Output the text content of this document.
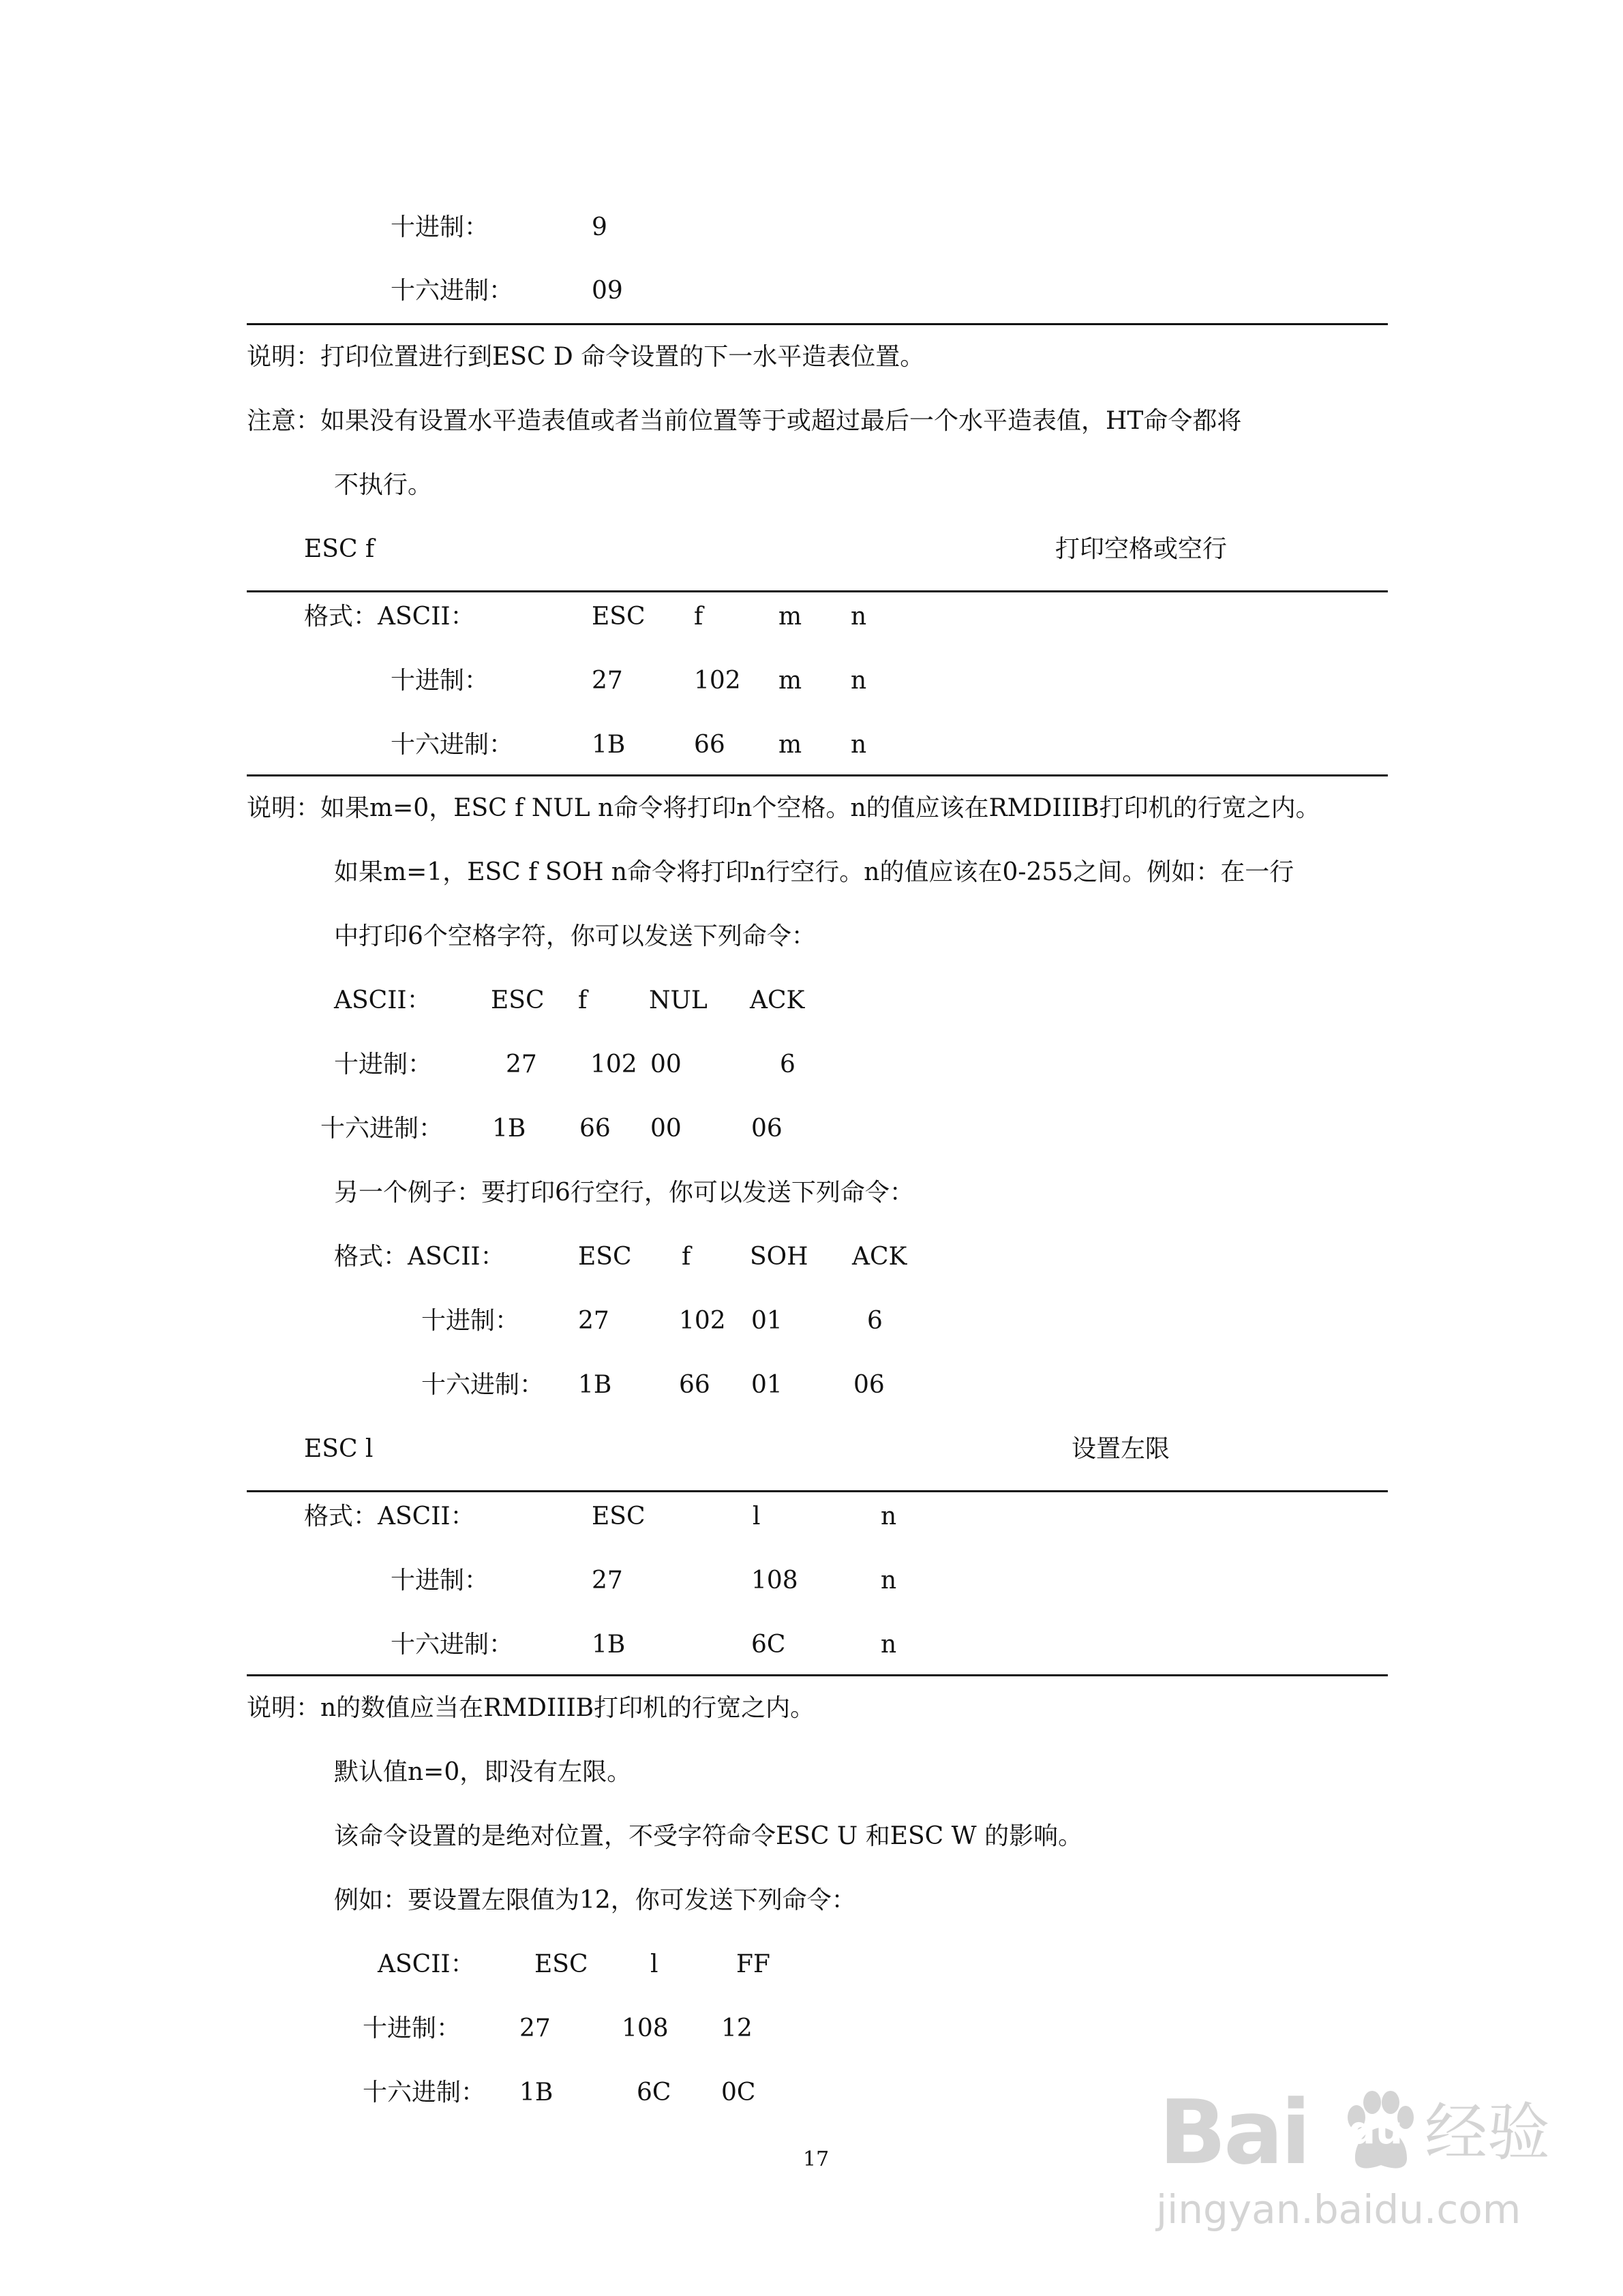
十进制：	9
十六进制：	09
说明：打印位置进行到ESC D 命令设置的下一水平造表位置。
注意：如果没有设置水平造表值或者当前位置等于或超过最后一个水平造表值，HT命令都将
不执行。
ESC f	打印空格或空行
格式：ASCII：	ESC f	m n
十进制：	27	102 m n
十六进制：	1B	66 m n
说明：如果m=0，ESC f NUL n命令将打印n个空格。n的值应该在RMDIIIB打印机的行宽之内。
如果m=1，ESC f SOH n命令将打印n行空行。n的值应该在0-255之间。例如：在一行
中打印6个空格字符，你可以发送下列命令：
ASCII： ESC f	NUL ACK
十进制：	27 102 00	6
十六进制： 1B 66 00	06
另一个例子：要打印6行空行，你可以发送下列命令：
格式：ASCII：	ESC f SOH ACK
十进制： 27	102 01	6
十六进制： 1B	66 01	06
ESC l	设置左限
格式：ASCII：	ESC	l	n
十进制：	27	108	n
十六进制：	1B	6C	n
说明：n的数值应当在RMDIIIB打印机的行宽之内。
默认值n=0，即没有左限。
该命令设置的是绝对位置，不受字符命令ESC U 和ESC W 的影响。
例如：要设置左限值为12，你可发送下列命令：
ASCII： ESC	l	FF
十进制： 27	108 12
十六进制： 1B	6C 0C
17	Bai du 经验
jingyan.baidu.com
